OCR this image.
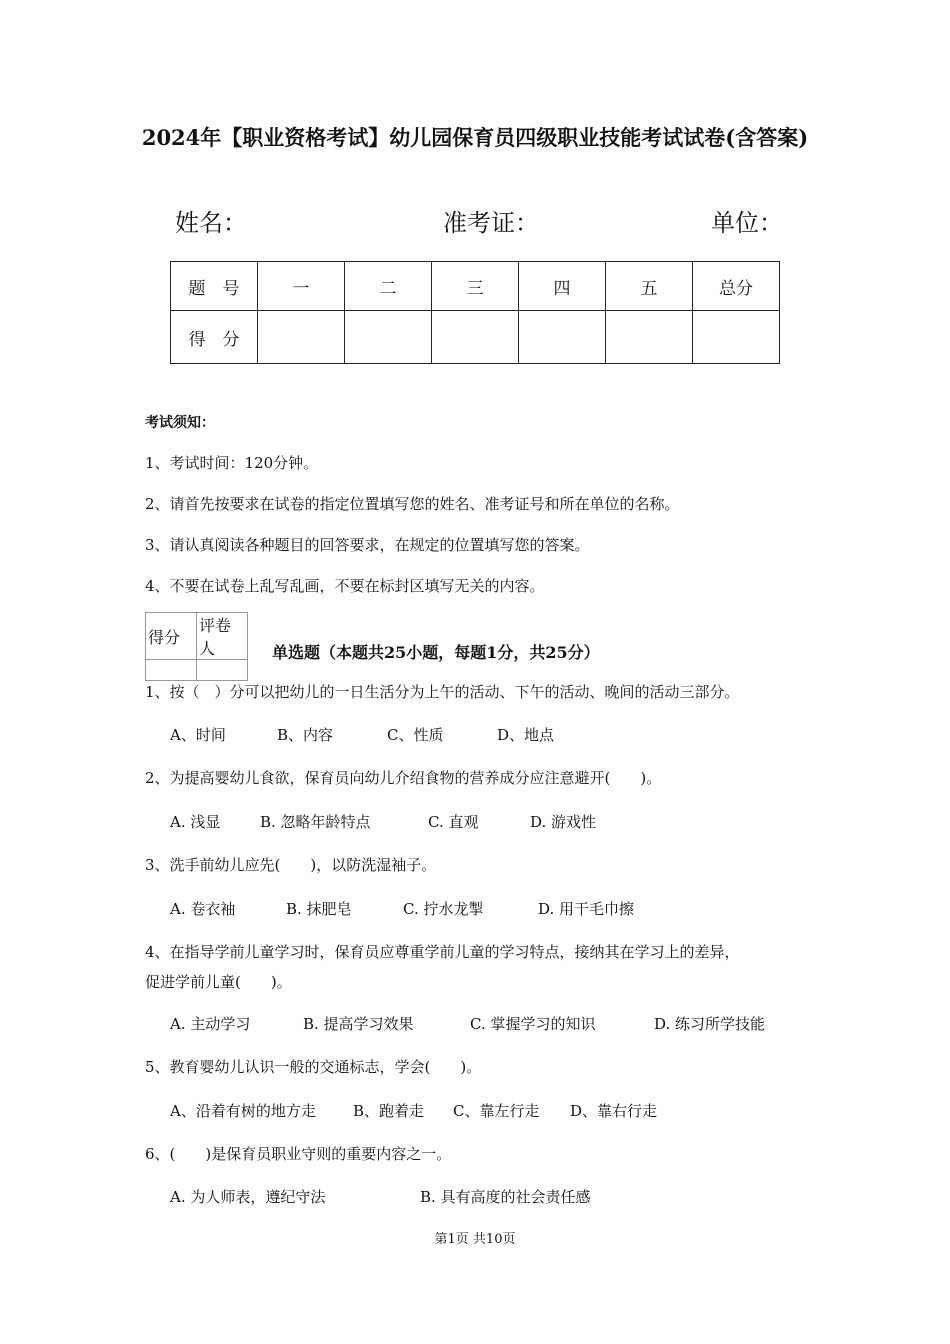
2024年【职业资格考试】幼儿园保育员四级职业技能考试试卷(含答案)
姓名：	准考证：	单位：
题　号	一	二	三	四	五	总分
得　分						
考试须知：
1、考试时间：120分钟。
2、请首先按要求在试卷的指定位置填写您的姓名、准考证号和所在单位的名称。
3、请认真阅读各种题目的回答要求，在规定的位置填写您的答案。
4、不要在试卷上乱写乱画，不要在标封区填写无关的内容。
得分	评卷人
		单选题（本题共25小题，每题1分，共25分）
1、按（　）分可以把幼儿的一日生活分为上午的活动、下午的活动、晚间的活动三部分。
A、时间	B、内容	C、性质	D、地点
2、为提高婴幼儿食欲，保育员向幼儿介绍食物的营养成分应注意避开(　　)。
A. 浅显	B. 忽略年龄特点	C. 直观	D. 游戏性
3、洗手前幼儿应先(　　)，以防洗湿袖子。
A. 卷衣袖	B. 抹肥皂	C. 拧水龙掣	D. 用干毛巾擦
4、在指导学前儿童学习时，保育员应尊重学前儿童的学习特点，接纳其在学习上的差异，
促进学前儿童(　　)。
A. 主动学习	B. 提高学习效果	C. 掌握学习的知识	D. 练习所学技能
5、教育婴幼儿认识一般的交通标志，学会(　　)。
A、沿着有树的地方走 B、跑着走 C、靠左行走 D、靠右行走
6、(　　)是保育员职业守则的重要内容之一。
A. 为人师表，遵纪守法	B. 具有高度的社会责任感
第1页 共10页
